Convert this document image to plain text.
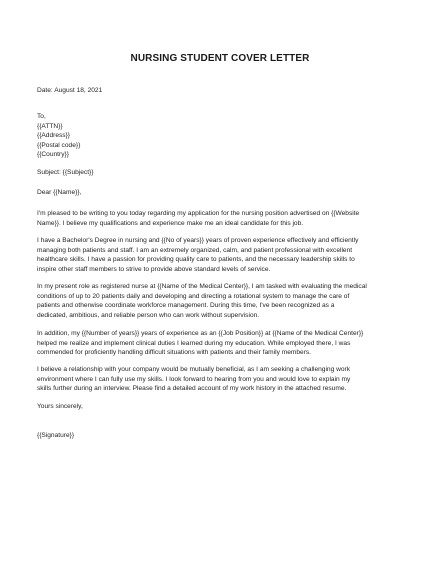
NURSING STUDENT COVER LETTER
Date: August 18, 2021
To,
{{ATTN}}
{{Address}}
{{Postal code}}
{{Country}}
Subject: {{Subject}}
Dear {{Name}},
I'm pleased to be writing to you today regarding my application for the nursing position advertised on {{Website
Name}}. I believe my qualifications and experience make me an ideal candidate for this job.
I have a Bachelor's Degree in nursing and {{No of years}} years of proven experience effectively and efficiently
managing both patients and staff. I am an extremely organized, calm, and patient professional with excellent
healthcare skills. I have a passion for providing quality care to patients, and the necessary leadership skills to
inspire other staff members to strive to provide above standard levels of service.
In my present role as registered nurse at {{Name of the Medical Center}}, I am tasked with evaluating the medical
conditions of up to 20 patients daily and developing and directing a rotational system to manage the care of
patients and otherwise coordinate workforce management. During this time, I've been recognized as a
dedicated, ambitious, and reliable person who can work without supervision.
In addition, my {{Number of years}} years of experience as an {{Job Position}} at {{Name of the Medical Center}}
helped me realize and implement clinical duties I learned during my education. While employed there, I was
commended for proficiently handling difficult situations with patients and their family members.
I believe a relationship with your company would be mutually beneficial, as I am seeking a challenging work
environment where I can fully use my skills. I look forward to hearing from you and would love to explain my
skills further during an interview. Please find a detailed account of my work history in the attached resume.
Yours sincerely,
{{Signature}}
